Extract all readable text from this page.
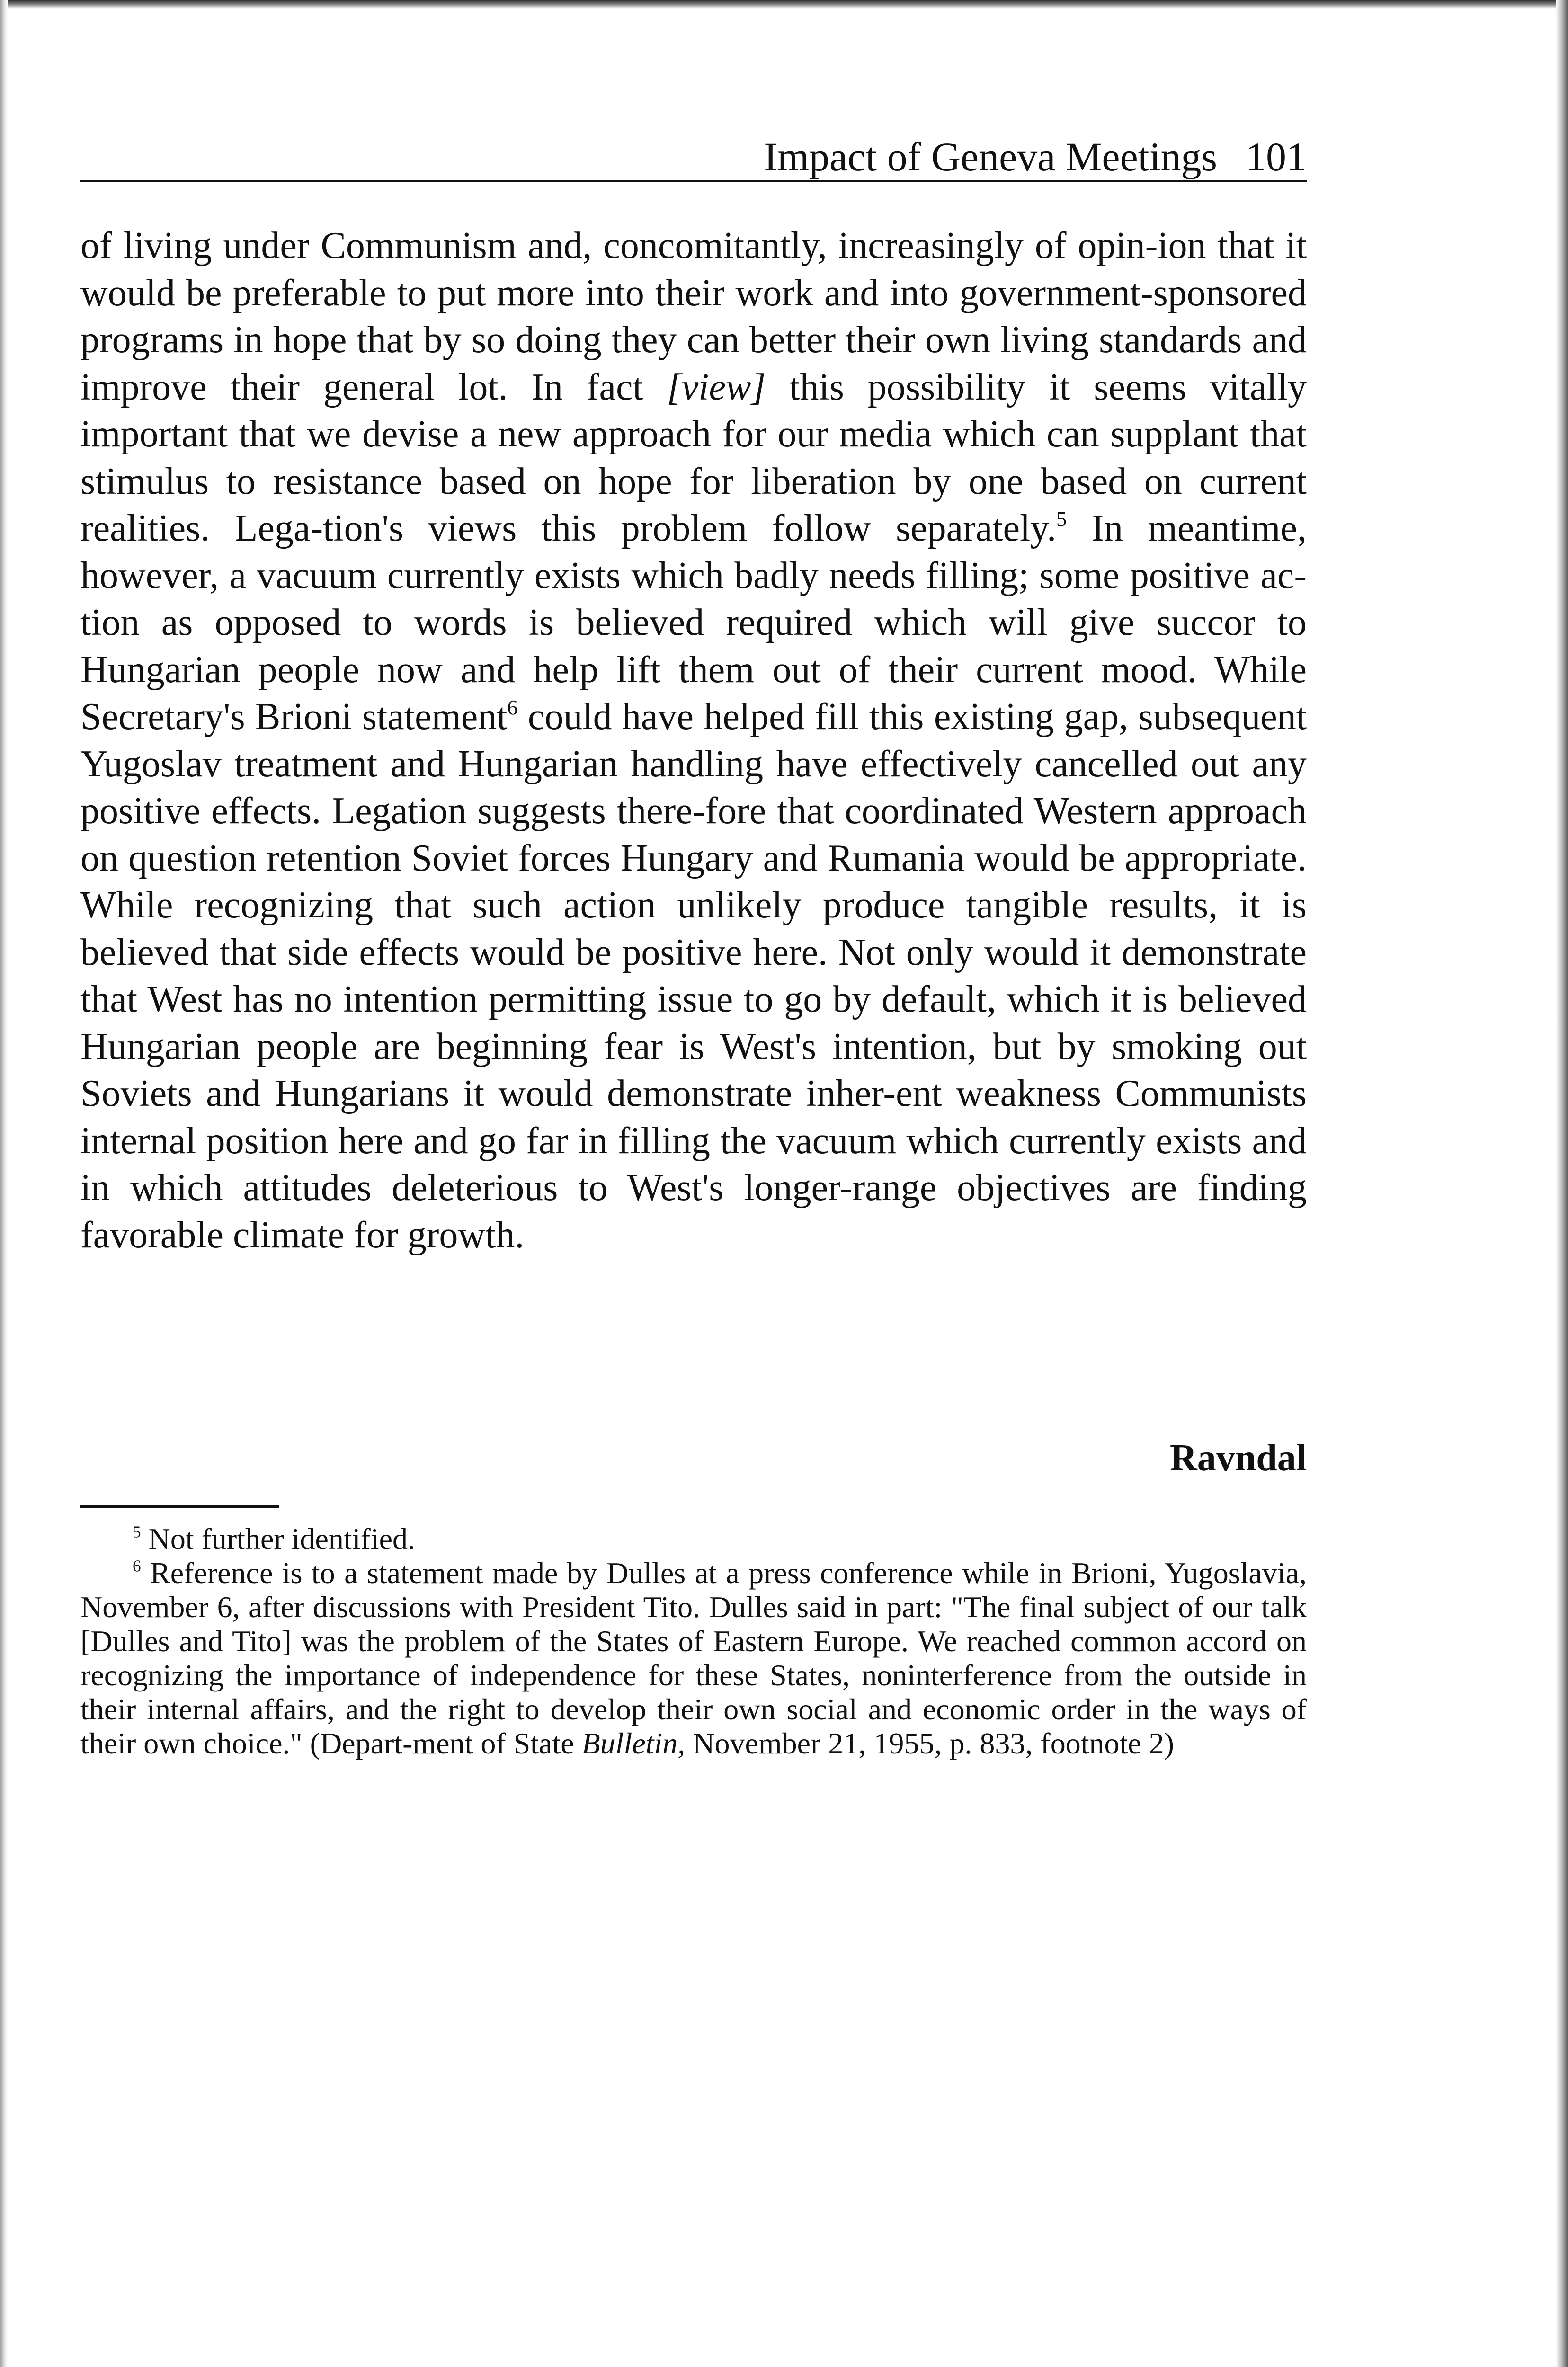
Impact of Geneva Meetings 101

of living under Communism and, concomitantly, increasingly of opin-ion that it would be preferable to put more into their work and into government-sponsored programs in hope that by so doing they can better their own living standards and improve their general lot. In fact [view] this possibility it seems vitally important that we devise a new approach for our media which can supplant that stimulus to resistance based on hope for liberation by one based on current realities. Lega-tion's views this problem follow separately.$^5$ In meantime, however, a vacuum currently exists which badly needs filling; some positive ac-tion as opposed to words is believed required which will give succor to Hungarian people now and help lift them out of their current mood. While Secretary's Brioni statement$^6$ could have helped fill this existing gap, subsequent Yugoslav treatment and Hungarian handling have effectively cancelled out any positive effects. Legation suggests there-fore that coordinated Western approach on question retention Soviet forces Hungary and Rumania would be appropriate. While recognizing that such action unlikely produce tangible results, it is believed that side effects would be positive here. Not only would it demonstrate that West has no intention permitting issue to go by default, which it is believed Hungarian people are beginning fear is West's intention, but by smoking out Soviets and Hungarians it would demonstrate inher-ent weakness Communists internal position here and go far in filling the vacuum which currently exists and in which attitudes deleterious to West's longer-range objectives are finding favorable climate for growth.

Ravndal

$^5$ Not further identified.

$^6$ Reference is to a statement made by Dulles at a press conference while in Brioni, Yugoslavia, November 6, after discussions with President Tito. Dulles said in part: "The final subject of our talk [Dulles and Tito] was the problem of the States of Eastern Europe. We reached common accord on recognizing the importance of independence for these States, noninterference from the outside in their internal affairs, and the right to develop their own social and economic order in the ways of their own choice." (Depart-ment of State Bulletin, November 21, 1955, p. 833, footnote 2)
